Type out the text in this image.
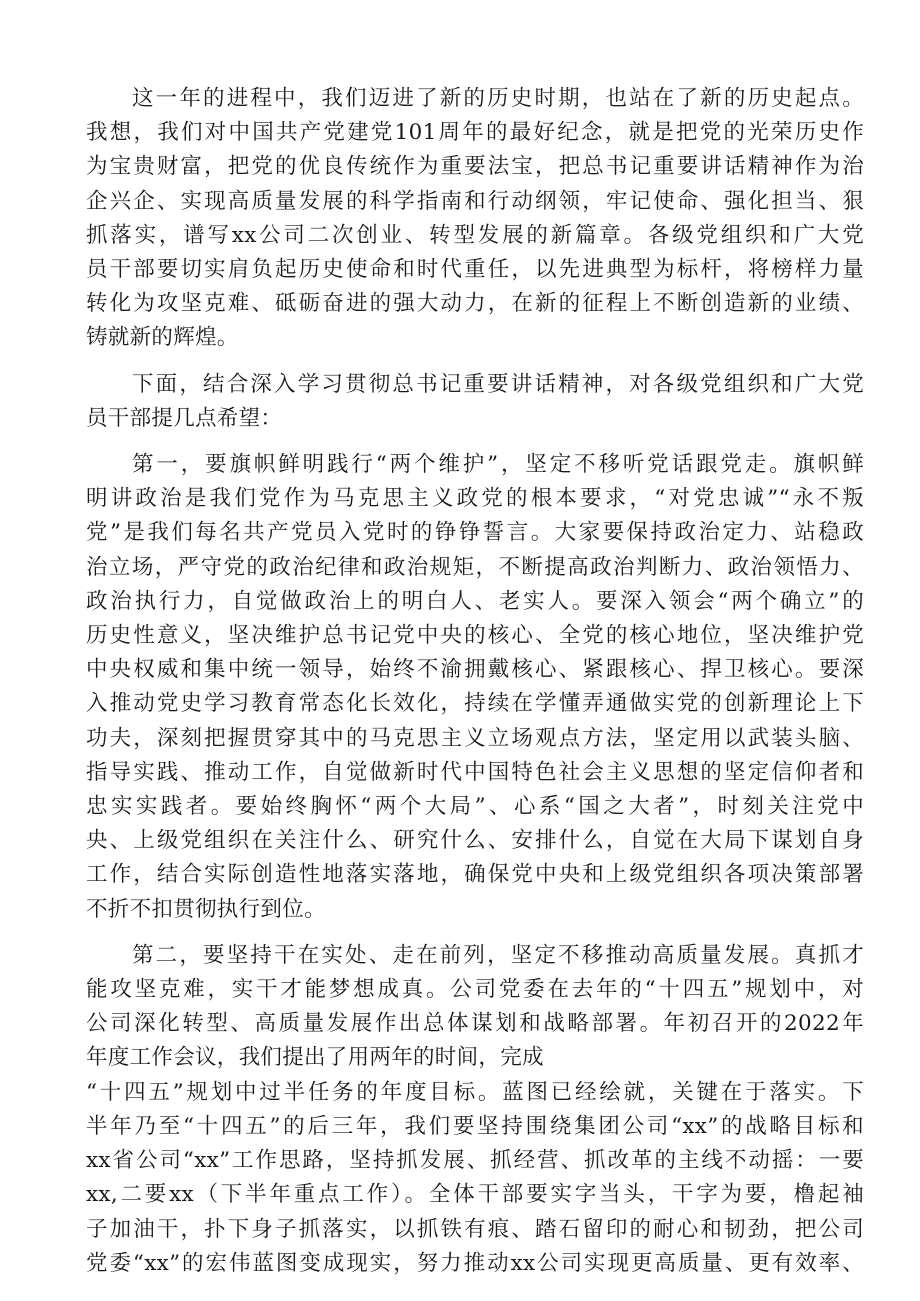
这一年的进程中，我们迈进了新的历史时期，也站在了新的历史起点。
我想，我们对中国共产党建党101周年的最好纪念，就是把党的光荣历史作
为宝贵财富，把党的优良传统作为重要法宝，把总书记重要讲话精神作为治
企兴企、实现高质量发展的科学指南和行动纲领，牢记使命、强化担当、狠
抓落实，谱写xx公司二次创业、转型发展的新篇章。各级党组织和广大党
员干部要切实肩负起历史使命和时代重任，以先进典型为标杆，将榜样力量
转化为攻坚克难、砥砺奋进的强大动力，在新的征程上不断创造新的业绩、
铸就新的辉煌。

下面，结合深入学习贯彻总书记重要讲话精神，对各级党组织和广大党
员干部提几点希望：

第一，要旗帜鲜明践行“两个维护”，坚定不移听党话跟党走。旗帜鲜
明讲政治是我们党作为马克思主义政党的根本要求，“对党忠诚”“永不叛
党”是我们每名共产党员入党时的铮铮誓言。大家要保持政治定力、站稳政
治立场，严守党的政治纪律和政治规矩，不断提高政治判断力、政治领悟力、
政治执行力，自觉做政治上的明白人、老实人。要深入领会“两个确立”的
历史性意义，坚决维护总书记党中央的核心、全党的核心地位，坚决维护党
中央权威和集中统一领导，始终不渝拥戴核心、紧跟核心、捍卫核心。要深
入推动党史学习教育常态化长效化，持续在学懂弄通做实党的创新理论上下
功夫，深刻把握贯穿其中的马克思主义立场观点方法，坚定用以武装头脑、
指导实践、推动工作，自觉做新时代中国特色社会主义思想的坚定信仰者和
忠实实践者。要始终胸怀“两个大局”、心系“国之大者”，时刻关注党中
央、上级党组织在关注什么、研究什么、安排什么，自觉在大局下谋划自身
工作，结合实际创造性地落实落地，确保党中央和上级党组织各项决策部署
不折不扣贯彻执行到位。

第二，要坚持干在实处、走在前列，坚定不移推动高质量发展。真抓才
能攻坚克难，实干才能梦想成真。公司党委在去年的“十四五”规划中，对
公司深化转型、高质量发展作出总体谋划和战略部署。年初召开的2022年
年度工作会议，我们提出了用两年的时间，完成
“十四五”规划中过半任务的年度目标。蓝图已经绘就，关键在于落实。下
半年乃至“十四五”的后三年，我们要坚持围绕集团公司“xx”的战略目标和
xx省公司“xx”工作思路，坚持抓发展、抓经营、抓改革的主线不动摇：一要
xx,二要xx（下半年重点工作）。全体干部要实字当头，干字为要，橹起袖
子加油干，扑下身子抓落实，以抓铁有痕、踏石留印的耐心和韧劲，把公司
党委“xx”的宏伟蓝图变成现实，努力推动xx公司实现更高质量、更有效率、
